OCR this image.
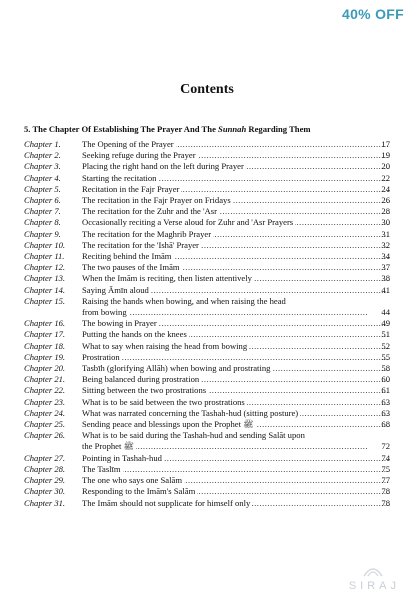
40% OFF
Contents
5. The Chapter Of Establishing The Prayer And The Sunnah Regarding Them
Chapter 1.	The Opening of the Prayer .....	17
Chapter 2.	Seeking refuge during the Prayer .....	19
Chapter 3.	Placing the right hand on the left during Prayer .....	20
Chapter 4.	Starting the recitation .....	22
Chapter 5.	Recitation in the Fajr Prayer .....	24
Chapter 6.	The recitation in the Fajr Prayer on Fridays .....	26
Chapter 7.	The recitation for the Zuhr and the 'Asr .....	28
Chapter 8.	Occasionally reciting a Verse aloud for Zuhr and 'Asr Prayers .....	30
Chapter 9.	The recitation for the Maghrib Prayer .....	31
Chapter 10.	The recitation for the 'Ishā' Prayer .....	32
Chapter 11.	Reciting behind the Imām .....	34
Chapter 12.	The two pauses of the Imām .....	37
Chapter 13.	When the Imām is reciting, then listen attentively .....	38
Chapter 14.	Saying Āmīn aloud .....	41
Chapter 15.	Raising the hands when bowing, and when raising the head
from bowing .....	44
Chapter 16.	The bowing in Prayer .....	49
Chapter 17.	Putting the hands on the knees .....	51
Chapter 18.	What to say when raising the head from bowing .....	52
Chapter 19.	Prostration .....	55
Chapter 20.	Tasbīh (glorifying Allāh) when bowing and prostrating .....	58
Chapter 21.	Being balanced during prostration .....	60
Chapter 22.	Sitting between the two prostrations .....	61
Chapter 23.	What is to be said between the two prostrations .....	63
Chapter 24.	What was narrated concerning the Tashah-hud (sitting posture) .....	63
Chapter 25.	Sending peace and blessings upon the Prophet ﷺ .....	68
Chapter 26.	What is to be said during the Tashah-hud and sending Salāt upon
the Prophet ﷺ .....	72
Chapter 27.	Pointing in Tashah-hud .....	74
Chapter 28.	The Taslīm .....	75
Chapter 29.	The one who says one Salām .....	77
Chapter 30.	Responding to the Imām's Salām .....	78
Chapter 31.	The Imām should not supplicate for himself only .....	78
SIRAJ
